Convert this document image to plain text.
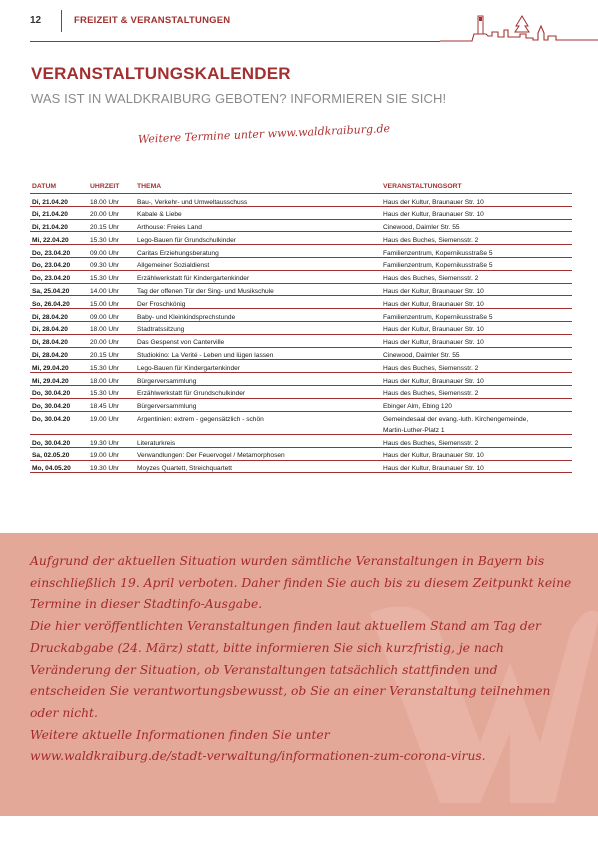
12	FREIZEIT & VERANSTALTUNGEN
VERANSTALTUNGSKALENDER
WAS IST IN WALDKRAIBURG GEBOTEN? INFORMIEREN SIE SICH!
Weitere Termine unter www.waldkraiburg.de
DATUM	UHRZEIT	THEMA	VERANSTALTUNGSORT
Di, 21.04.20	18.00 Uhr	Bau-, Verkehr- und Umweltausschuss	Haus der Kultur, Braunauer Str. 10
Di, 21.04.20	20.00 Uhr	Kabale & Liebe	Haus der Kultur, Braunauer Str. 10
Di, 21.04.20	20.15 Uhr	Arthouse: Freies Land	Cinewood, Daimler Str. 55
Mi, 22.04.20	15.30 Uhr	Lego-Bauen für Grundschulkinder	Haus des Buches, Siemensstr. 2
Do, 23.04.20	09.00 Uhr	Caritas Erziehungsberatung	Familienzentrum, Kopernikusstraße 5
Do, 23.04.20	09.30 Uhr	Allgemeiner Sozialdienst	Familienzentrum, Kopernikusstraße 5
Do, 23.04.20	15.30 Uhr	Erzählwerkstatt für Kindergartenkinder	Haus des Buches, Siemensstr. 2
Sa, 25.04.20	14.00 Uhr	Tag der offenen Tür der Sing- und Musikschule	Haus der Kultur, Braunauer Str. 10
So, 26.04.20	15.00 Uhr	Der Froschkönig	Haus der Kultur, Braunauer Str. 10
Di, 28.04.20	09.00 Uhr	Baby- und Kleinkindsprechstunde	Familienzentrum, Kopernikusstraße 5
Di, 28.04.20	18.00 Uhr	Stadtratssitzung	Haus der Kultur, Braunauer Str. 10
Di, 28.04.20	20.00 Uhr	Das Gespenst von Canterville	Haus der Kultur, Braunauer Str. 10
Di, 28.04.20	20.15 Uhr	Studiokino: La Verité - Leben und lügen lassen	Cinewood, Daimler Str. 55
Mi, 29.04.20	15.30 Uhr	Lego-Bauen für Kindergartenkinder	Haus des Buches, Siemensstr. 2
Mi, 29.04.20	18.00 Uhr	Bürgerversammlung	Haus der Kultur, Braunauer Str. 10
Do, 30.04.20	15.30 Uhr	Erzählwerkstatt für Grundschulkinder	Haus des Buches, Siemensstr. 2
Do, 30.04.20	18.45 Uhr	Bürgerversammlung	Ebinger Alm, Ebing 120
Do, 30.04.20	19.00 Uhr	Argentinien: extrem - gegensätzlich - schön	Gemeindesaal der evang.-luth. Kirchengemeinde,
Martin-Luther-Platz 1
Do, 30.04.20	19.30 Uhr	Literaturkreis	Haus des Buches, Siemensstr. 2
Sa, 02.05.20	19.00 Uhr	Verwandlungen: Der Feuervogel / Metamorphosen	Haus der Kultur, Braunauer Str. 10
Mo, 04.05.20	19.30 Uhr	Moyzes Quartett, Streichquartett	Haus der Kultur, Braunauer Str. 10

Aufgrund der aktuellen Situation wurden sämtliche Veranstaltungen in Bayern bis einschließlich 19. April verboten. Daher finden Sie auch bis zu diesem Zeitpunkt keine Termine in dieser Stadtinfo-Ausgabe.

Die hier veröffentlichten Veranstaltungen finden laut aktuellem Stand am Tag der Druckabgabe (24. März) statt, bitte informieren Sie sich kurzfristig, je nach Veränderung der Situation, ob Veranstaltungen tatsächlich stattfinden und entscheiden Sie verantwortungsbewusst, ob Sie an einer Veranstaltung teilnehmen oder nicht.

Weitere aktuelle Informationen finden Sie unter

www.waldkraiburg.de/stadt-verwaltung/informationen-zum-corona-virus.
